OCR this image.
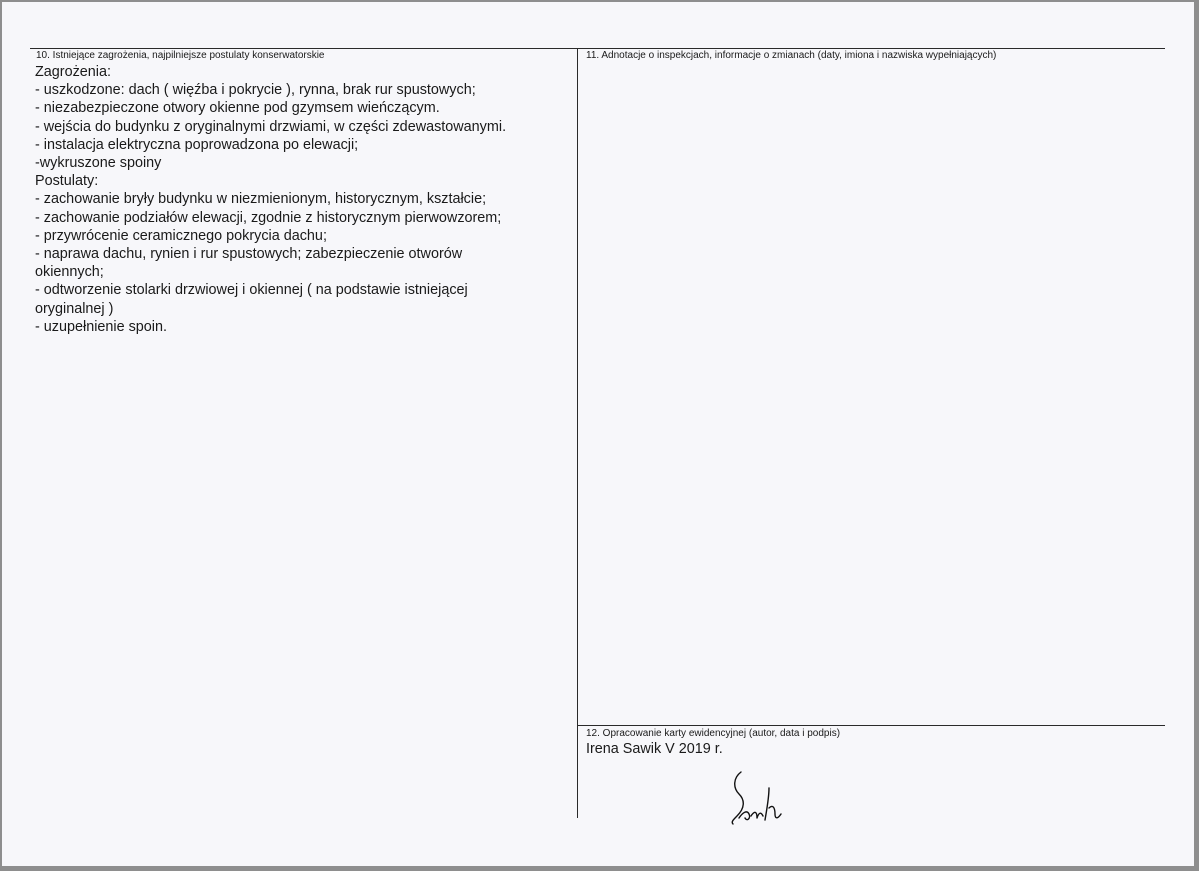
10. Istniejące zagrożenia, najpilniejsze postulaty konserwatorskie
Zagrożenia:
- uszkodzone: dach ( więźba i pokrycie ), rynna, brak rur spustowych;
- niezabezpieczone otwory okienne pod gzymsem wieńczącym.
- wejścia do budynku z oryginalnymi drzwiami, w części zdewastowanymi.
- instalacja elektryczna poprowadzona po elewacji;
-wykruszone spoiny
Postulaty:
- zachowanie bryły budynku w niezmienionym, historycznym, kształcie;
- zachowanie podziałów elewacji, zgodnie z historycznym pierwowzorem;
- przywrócenie ceramicznego pokrycia dachu;
- naprawa dachu, rynien i rur spustowych; zabezpieczenie otworów
okiennych;
- odtworzenie stolarki drzwiowej i okiennej ( na podstawie istniejącej
oryginalnej )
- uzupełnienie spoin.
11. Adnotacje o inspekcjach, informacje o zmianach (daty, imiona i nazwiska wypełniających)
12. Opracowanie karty ewidencyjnej (autor, data i podpis)
Irena Sawik V 2019 r.
